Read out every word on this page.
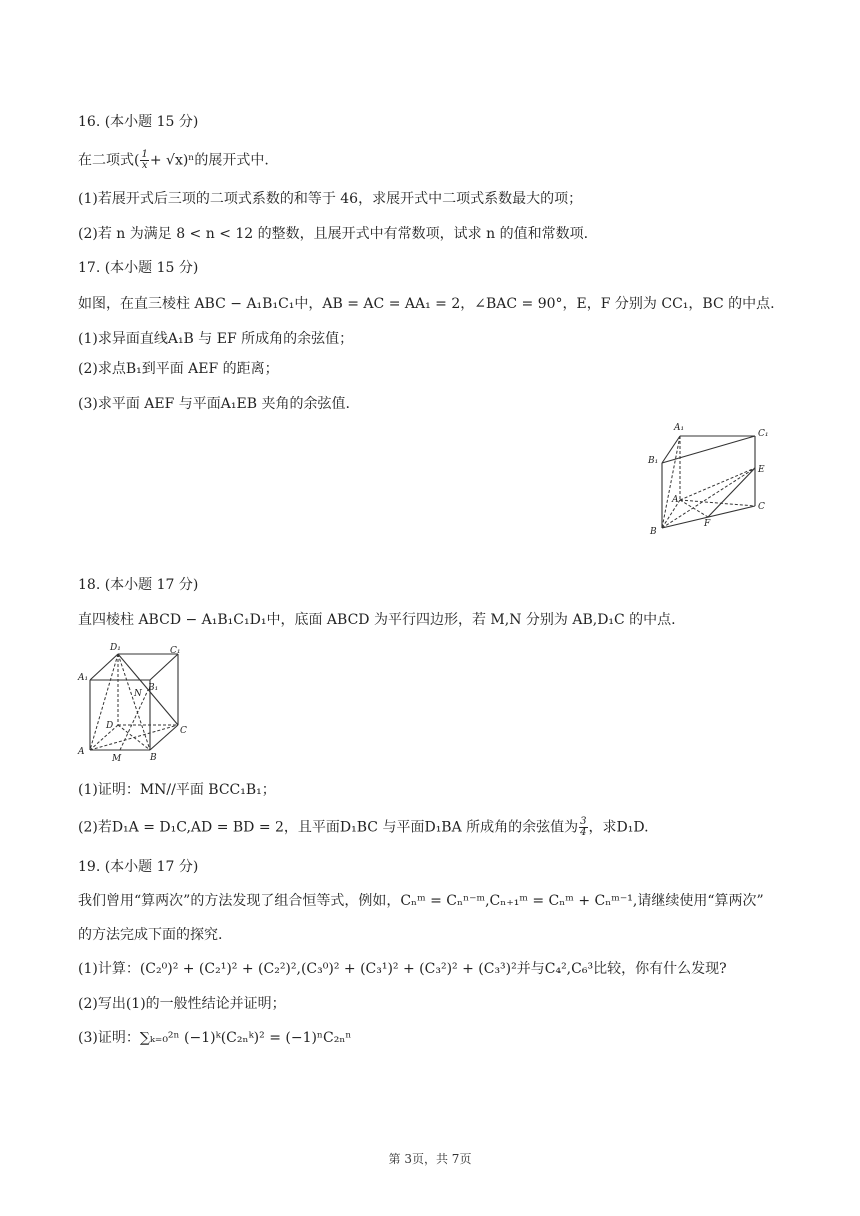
16. (本小题 15 分)
在二项式( $\frac{1}{x} + √x)^n$的展开式中.
(1)若展开式后三项的二项式系数的和等于 46，求展开式中二项式系数最大的项；
(2)若 n 为满足 8 < n < 12 的整数，且展开式中有常数项，试求 n 的值和常数项.
17. (本小题 15 分)
如图，在直三棱柱 ABC − A₁B₁C₁中，AB = AC = AA₁ = 2，∠BAC = 90°，E，F 分别为 CC₁，BC 的中点.
(1)求异面直线A₁B 与 EF 所成角的余弦值；
(2)求点B₁到平面 AEF 的距离；
(3)求平面 AEF 与平面A₁EB 夹角的余弦值.
A₁
C₁
B₁
E
A
C
B
F
18. (本小题 17 分)
直四棱柱 ABCD − A₁B₁C₁D₁中，底面 ABCD 为平行四边形，若 M,N 分别为 AB,D₁C 的中点.
D₁	C₁
A₁
B₁
N
D	C
A
M	B
(1)证明：MN//平面 BCC₁B₁；
(2)若D₁A = D₁C,AD = BD = 2，且平面D₁BC 与平面D₁BA 所成角的余弦值为 $\frac{3}{4}$ ，求D₁D.
19. (本小题 17 分)
我们曾用“算两次”的方法发现了组合恒等式，例如，Cₙᵐ = Cₙⁿ⁻ᵐ,Cₙ₊₁ᵐ = Cₙᵐ + Cₙᵐ⁻¹,请继续使用“算两次”
的方法完成下面的探究.
(1)计算：(C₂⁰)² + (C₂¹)² + (C₂²)²,(C₃⁰)² + (C₃¹)² + (C₃²)² + (C₃³)²并与C₄²,C₆³比较，你有什么发现?
(2)写出(1)的一般性结论并证明；
(3)证明：∑ₖ₌₀²ⁿ (−1)ᵏ(C₂ₙᵏ)² = (−1)ⁿC₂ₙⁿ
第 3页，共 7页
